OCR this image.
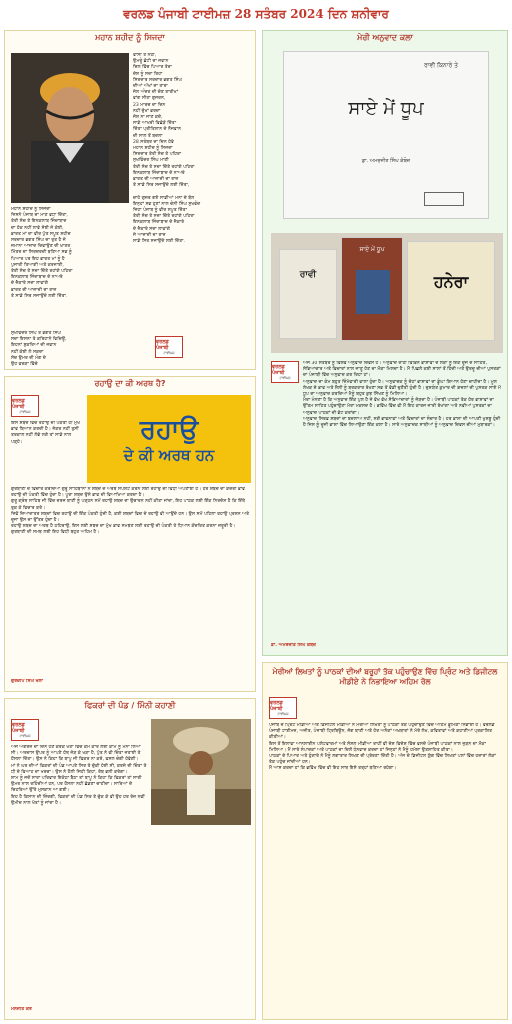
ਵਰਲਡ ਪੰਜਾਬੀ ਟਾਈਮਜ਼ 28 ਸਤੰਬਰ 2024 ਦਿਨ ਸ਼ਨੀਵਾਰ
ਮਹਾਨ ਸ਼ਹੀਦ ਨੂੰ ਸਿਜਦਾ
ਫਾਂਸੀ ਤੋਂ ਨਹੀਂ,
ਉਮਰੂੰ ਛੋਟੀ ਦਾ ਜਵਾਨ
ਦਿਲ ਵਿੱਚ ਪਿਆਰ ਤੇਰਾ
ਦੇਸ਼ ਨੂੰ ਸਦਾ ਰਿਹਾ
ਸਿਰਦਾਰ ਸਰਦਾਰ ਭਗਤ ਸਿੰਘ
ਦੀਆਂ ਅੱਖਾਂ ਦਾ ਤਾਰਾ
ਜੇਲ ਅੰਦਰ ਦੀ ਚੋਣ ਤਾਰੀਖਾਂ
ਵਾਂਗ ਸੀਤਾ ਗੁਜਰਨ,
23 ਮਾਰਚ ਦਾ ਦਿਨ
ਨਹੀਂ ਦੁੱਖਾਂ ਭਰਦਾ
ਜੋਸ਼ ਨਾ ਜਾਣ ਕਦੇ,
ਸਾਡੇ ਆਖਰੀ ਵਿਛੋੜੇ ਦਿੱਤਾ
ਦਿੱਤਾ ਪ੍ਰੀਤਿਸ਼ਾਨ ਦੇ ਨੌਜਵਾਨ
ਦੀ ਸਾਲ ਤੋਂ ਬਦਲਾ
28 ਸਤੰਬਰ ਦਾ ਦਿਨ ਹੋਵੇ
ਮਹਾਨ ਸ਼ਹੀਦ ਨੂੰ ਸਿਜਦਾ
ਸਿਰਦਾਰ ਤੇਰੀ ਸੋਚ ਤੇ ਪਹਿਰਾ
ਸੁਖਵਿੰਦਰ ਸਿੰਘ ਮਾਣੀ
ਤੇਰੀ ਸੋਚ ਤੇ ਸਦਾ ਚਿੱਤੇ ਰਹਾਂਗੇ ਪਹਿਰਾ
ਇਨਕਲਾਬ ਜਿੰਦਾਬਾਦ ਦੇ ਨਾਅਰੇ
ਭਾਰਤ ਦੀ ਆਜ਼ਾਦੀ ਦਾ ਰਾਜ਼
ਤੇ ਸਾਡੇ ਸਿਰ ਸਜਾਉਂਦੇ ਲਈ ਦਿੱਤਾ,

ਚਾਹੇ ਗੁਜ਼ਰ ਗਏ ਸਾਡੀਆਂ ਮਨਾ ਦੇ ਬੋਲ
ਇਨ੍ਹਾਂ ਸਭ ਹੁਣਾਂ ਨਾਲ ਚੰਨੀ ਸਿੰਘ ਸੁਖਵੰਦ
ਜਿਹਾ ਪੰਜਾਬ ਨੂੰ ਵੀਰ ਸਪੂਤ ਦਿੱਤਾ
ਤੇਰੀ ਸੋਚ ਤੇ ਸਦਾ ਚਿੱਤੇ ਰਹਾਂਗੇ ਪਹਿਰਾ
ਇਨਕਲਾਬ ਜਿੰਦਾਬਾਦ ਦੇ ਜੈਕਾਰੇ
ਦੇ ਜੈਕਾਰੇ ਸਦਾ ਲਾਵਾਂਗੇ
ਜੇ ਆਜ਼ਾਦੀ ਦਾ ਰਾਜ਼
ਸਾਡੇ ਸਿਰ ਸਜਾਉਂਦੇ ਲਈ ਦਿੱਤਾ.
ਮਹਾਨ ਸ਼ਹੀਦ ਨੂੰ ਸਿਜਦਾ
ਜਿਸਨੇ ਪੰਜਾਬ ਦਾ ਮਾਣ ਵਧਾ ਦਿੱਤਾ,
ਤੇਰੀ ਸੋਚ ਤੇ ਇਨਕਲਾਬ ਜਿੰਦਾਬਾਦ
ਦਾ ਹੱਕ ਨਹੀਂ ਲਾਵੇ ਸੋਈ ਜੋ ਕੋਈ,
ਭਾਰਤ ਮਾਂ ਦਾ ਵੀਰ ਪੁੱਤ ਸਪੂਤ ਸ਼ਹੀਦ
ਸਰਦਾਰ ਭਗਤ ਸਿੰਘ ਦਾ ਰੁਤ ਹੈ ਜੋ
ਜ਼ਮਾਨਾ ਆਜ਼ਾਦ ਦਿਵਾਉਣ ਦੀ ਖ਼ਾਤਰ
ਮਿੱਤਰ ਦਾ ਸਿਰਦਰਦੀ ਬਣਿਆ ਸਭ ਨੂੰ
ਪਿਆਰ ਪਰ ਇਹ ਭਾਰਤ ਮਾਂ ਨੂੰ ਹੈ
ਪੁਜਾਰੀ ਤਿਆਗੀ ਅਤੇ ਕਰਜਾਈ,
ਤੇਰੀ ਸੋਚ ਤੇ ਸਦਾ ਚਿੱਤੇ ਰਹਾਂਗੇ ਪਹਿਰਾ
ਇਨਕਲਾਬ ਜਿੰਦਾਬਾਦ ਦੇ ਨਾਅਰੇ
ਦੇ ਜੈਕਾਰੇ ਸਦਾ ਲਾਵਾਂਗੇ
ਭਾਰਤ ਦੀ ਆਜ਼ਾਦੀ ਦਾ ਰਾਜ਼
ਤੇ ਸਾਡੇ ਸਿਰ ਸਜਾਉਂਦੇ ਲਈ ਦਿੱਤਾ.
ਸੁਖਵਿੰਦਰ ਸਿੰਘ ਤੇ ਭਗਤ ਸਿੰਘ
ਸਦਾ ਇਸਨਾ ਤੇ ਕਰਿਹਾਨੇ ਵਿਚਿਊ,
ਇਹਨਾਂ ਸ਼ੁਕਰਿਆਂ ਦੀ ਜਵਾਨ
ਨਹੀਂ ਕੋਈ ਲੋ ਸਕਦਾ
ਸੋਚ ਉਮਰ ਦੀ ਮੰਗ ਦੇ
ਉਹ ਵਰਕਾ ਵਿੱਚੋ
ਵਰਲਡ ਪੰਜਾਬੀ
ਟਾਈਮਜ਼
ਰਹਾਉ ਦਾ ਕੀ ਅਰਥ ਹੈ?
ਵਰਲਡ ਪੰਜਾਬੀ
ਟਾਈਮਜ਼
ਇਸ ਸ਼ਬਦ ਵਿੱਚ ਰਹਾਉ ਦੀ ਪੰਕਤੀ ਹੀ ਮੁੱਖ ਭਾਵ ਬਿਆਨ ਕਰਦੀ ਹੈ। ਜੇਕਰ ਨਹੀਂ ਤੁਸੀਂ ਤਰਕਾਲ ਨਹੀਂ ਲੱਭੇ ਲਗੇ ਤਾਂ ਸਾਡੇ ਨਾਲ ਪੜ੍ਹੋ।	ਰਹਾਉ
ਦੇ ਕੀ ਅਰਥ ਹਨ
ਗੁਰਬਾਣੀ ਦੇ ਵਿਚਾਰ ਕਰਦਿਆਂ ਗੁਰੂ ਸਾਹਿਬਾਨਾਂ ਨੇ ਸ਼ਬਦ ਦੇ ਅਰਥ ਸਪਸ਼ਟ ਕਰਨ ਲਈ ਰਹਾਉ ਦੀ ਵਿਧੀ ਅਪਣਾਈ ਹੈ। ਹਰ ਸ਼ਬਦ ਦਾ ਕੇਂਦਰੀ ਭਾਵ ਰਹਾਉ ਦੀ ਪੰਕਤੀ ਵਿੱਚ ਹੁੰਦਾ ਹੈ। ਪੂਰਾ ਸ਼ਬਦ ਉਸੇ ਭਾਵ ਦੀ ਵਿਆਖਿਆ ਕਰਦਾ ਹੈ।
ਗੁਰੂ ਗ੍ਰੰਥ ਸਾਹਿਬ ਜੀ ਵਿੱਚ ਦਰਜ ਬਾਣੀ ਨੂੰ ਪੜ੍ਹਨ ਸਮੇਂ ਰਹਾਉ ਸ਼ਬਦ ਦਾ ਉਚਾਰਨ ਨਹੀਂ ਕੀਤਾ ਜਾਂਦਾ, ਇਹ ਪਾਠਕ ਲਈ ਇੱਕ ਨਿਰਦੇਸ਼ ਹੈ ਕਿ ਇੱਥੇ ਰੁਕ ਕੇ ਵਿਚਾਰ ਕਰੋ।
ਜਿਵੇਂ ਜ਼ਿਆਦਾਤਰ ਸ਼ਬਦਾਂ ਵਿਚ ਰਹਾਉ ਦੀ ਇੱਕ ਪੰਕਤੀ ਹੁੰਦੀ ਹੈ, ਕਈ ਸ਼ਬਦਾਂ ਵਿਚ ਦੋ ਰਹਾਉ ਵੀ ਆਉਂਦੇ ਹਨ। ਉਸ ਸਮੇਂ ਪਹਿਲਾ ਰਹਾਉ ਪ੍ਰਸ਼ਨ ਅਤੇ ਦੂਜਾ ਉਸ ਦਾ ਉੱਤਰ ਹੁੰਦਾ ਹੈ।
ਰਹਾਉ ਸ਼ਬਦ ਦਾ ਅਰਥ ਹੈ ਠਹਿਰਾਉ, ਇਸ ਲਈ ਸ਼ਬਦ ਦਾ ਮੁੱਖ ਭਾਵ ਸਮਝਣ ਲਈ ਰਹਾਉ ਦੀ ਪੰਕਤੀ ਤੇ ਧਿਆਨ ਕੇਂਦਰਿਤ ਕਰਨਾ ਜ਼ਰੂਰੀ ਹੈ।
ਗੁਰਬਾਣੀ ਦੀ ਸਮਝ ਲਈ ਇਹ ਵਿਧੀ ਬਹੁਤ ਅਹਿਮ ਹੈ।
ਗੁਰਦੀਪ ਸਿੰਘ ਖੇਲਾ
ਫਿਕਰਾਂ ਦੀ ਪੰਡ / ਮਿੰਨੀ ਕਹਾਣੀ
ਵਰਲਡ ਪੰਜਾਬੀ
ਟਾਈਮਜ਼
ਅੱਜ ਅੰਗਰੇਜ਼ ਦਾ ਦਿਨ ਹੋਣ ਕਰਕੇ ਖੇਤਾਂ ਵਿੱਚ ਕੰਮ ਕਾਰ ਲਈ ਕਾਮੇ ਨੂੰ ਮਨਾ ਲਿਆ ਸੀ। ਅਰਦਾਸ ਉਪਰ ਨੂੰ ਆਪਣੇ ਹੱਥ ਜੋੜ ਕੇ ਖੜਾ ਹੈ, ਪੁੱਤ ਨੇ ਵੀ ਚਿੰਤਾ ਜਤਾਈ ਤੇ ਹੌਸਲਾ ਦਿੱਤਾ। ਉਸ ਨੇ ਕਿਹਾ ਕਿ ਬਾਪੂ ਜੀ ਫਿਕਰ ਨਾ ਕਰੋ, ਫਸਲ ਚੰਗੀ ਹੋਵੇਗੀ।
ਮਾਂ ਨੇ ਘਰ ਦੀਆਂ ਫਿਕਰਾਂ ਦੀ ਪੰਡ ਆਪਣੇ ਸਿਰ ਤੇ ਚੁੱਕੀ ਹੋਈ ਸੀ, ਕਰਜ਼ੇ ਦੀ ਚਿੰਤਾ ਤੇ ਧੀ ਦੇ ਵਿਆਹ ਦਾ ਖਰਚਾ। ਉਸ ਨੇ ਹੌਲੀ ਜਿਹੀ ਕਿਹਾ, ਰੱਬ ਭਲੀ ਕਰੇਗਾ।
ਸ਼ਾਮ ਨੂੰ ਜਦੋਂ ਸਾਰਾ ਪਰਿਵਾਰ ਇਕੱਠਾ ਬੈਠਾ ਤਾਂ ਬਾਪੂ ਨੇ ਕਿਹਾ ਕਿ ਫਿਕਰਾਂ ਤਾਂ ਸਾਰੀ ਉਮਰ ਨਾਲ ਰਹਿੰਦੀਆਂ ਹਨ, ਪਰ ਹੌਸਲਾ ਨਹੀਂ ਛੱਡਣਾ ਚਾਹੀਦਾ। ਸਾਰਿਆਂ ਦੇ ਚਿਹਰਿਆਂ ਉੱਤੇ ਮੁਸਕਾਨ ਆ ਗਈ।
ਇਹ ਹੈ ਕਿਸਾਨ ਦੀ ਜ਼ਿੰਦਗੀ, ਫਿਕਰਾਂ ਦੀ ਪੰਡ ਸਿਰ ਤੇ ਚੁੱਕ ਕੇ ਵੀ ਉਹ ਹਰ ਰੋਜ਼ ਨਵੀਂ ਉਮੀਦ ਨਾਲ ਖੇਤਾਂ ਨੂੰ ਜਾਂਦਾ ਹੈ।
ਮਨਜੀਤ ਕੌਰ
ਮੇਰੀ ਅਨੁਵਾਦ ਕਲਾ
ਰਾਵੀ ਕਿਨਾਰੇ ਤੇ
ਸਾਏ ਮੇਂ ਧੂਪ
ਡਾ. ਅਮਰਜੀਤ ਸਿੰਘ ਕੰਬੋਜ਼
ਰਾਵੀ
ਸਾਏ ਮੇਂ ਧੂਪ
ਹਨੇਰਾ
ਵਰਲਡ ਪੰਜਾਬੀ
ਟਾਈਮਜ਼
ਅੱਜ 30 ਸਤੰਬਰ ਨੂੰ ਵਿਸ਼ਵ ਅਨੁਵਾਦ ਦਿਵਸ ਹੈ। ਅਨੁਵਾਦ ਰਾਹੀਂ ਵਿਭਿੰਨ ਭਾਸ਼ਾਵਾਂ ਦੇ ਲੋਕਾਂ ਨੂੰ ਇੱਕ ਦੂਜੇ ਦੇ ਸਾਹਿਤ, ਸੱਭਿਆਚਾਰ ਅਤੇ ਵਿਚਾਰਾਂ ਨਾਲ ਜਾਣੂ ਹੋਣ ਦਾ ਮੌਕਾ ਮਿਲਦਾ ਹੈ। ਮੈਂ ਪਿਛਲੇ ਕਈ ਸਾਲਾਂ ਤੋਂ ਹਿੰਦੀ ਅਤੇ ਉਰਦੂ ਦੀਆਂ ਪੁਸਤਕਾਂ ਦਾ ਪੰਜਾਬੀ ਵਿੱਚ ਅਨੁਵਾਦ ਕਰ ਰਿਹਾ ਹਾਂ।
ਅਨੁਵਾਦ ਦਾ ਕੰਮ ਬਹੁਤ ਜ਼ਿੰਮੇਵਾਰੀ ਵਾਲਾ ਹੁੰਦਾ ਹੈ। ਅਨੁਵਾਦਕ ਨੂੰ ਦੋਹਾਂ ਭਾਸ਼ਾਵਾਂ ਦਾ ਡੂੰਘਾ ਗਿਆਨ ਹੋਣਾ ਚਾਹੀਦਾ ਹੈ। ਮੂਲ ਲੇਖਕ ਦੇ ਭਾਵ ਅਤੇ ਸ਼ੈਲੀ ਨੂੰ ਬਰਕਰਾਰ ਰੱਖਣਾ ਸਭ ਤੋਂ ਵੱਡੀ ਚੁਣੌਤੀ ਹੁੰਦੀ ਹੈ। ਦੁਸ਼ਯੰਤ ਕੁਮਾਰ ਦੀ ਗ਼ਜ਼ਲਾਂ ਦੀ ਪੁਸਤਕ ਸਾਏ ਮੇਂ ਧੂਪ ਦਾ ਅਨੁਵਾਦ ਕਰਦਿਆਂ ਮੈਨੂੰ ਬਹੁਤ ਕੁਝ ਸਿੱਖਣ ਨੂੰ ਮਿਲਿਆ।
ਮੇਰਾ ਮੰਨਣਾ ਹੈ ਕਿ ਅਨੁਵਾਦ ਇੱਕ ਪੁਲ ਹੈ ਜੋ ਵੱਖ ਵੱਖ ਸੱਭਿਆਚਾਰਾਂ ਨੂੰ ਜੋੜਦਾ ਹੈ। ਪੰਜਾਬੀ ਪਾਠਕਾਂ ਤੱਕ ਹੋਰ ਭਾਸ਼ਾਵਾਂ ਦਾ ਉੱਤਮ ਸਾਹਿਤ ਪਹੁੰਚਾਉਣਾ ਮੇਰਾ ਮਕਸਦ ਹੈ। ਭਵਿੱਖ ਵਿੱਚ ਵੀ ਮੈਂ ਇਹ ਕਾਰਜ ਜਾਰੀ ਰੱਖਾਂਗਾ ਅਤੇ ਨਵੀਆਂ ਪੁਸਤਕਾਂ ਦਾ ਅਨੁਵਾਦ ਪਾਠਕਾਂ ਦੀ ਭੇਟ ਕਰਾਂਗਾ।
ਅਨੁਵਾਦ ਸਿਰਫ਼ ਸ਼ਬਦਾਂ ਦਾ ਬਦਲਾਅ ਨਹੀਂ, ਸਗੋਂ ਭਾਵਨਾਵਾਂ ਅਤੇ ਵਿਚਾਰਾਂ ਦਾ ਸੰਚਾਰ ਹੈ। ਹਰ ਭਾਸ਼ਾ ਦੀ ਆਪਣੀ ਖੁਸ਼ਬੂ ਹੁੰਦੀ ਹੈ ਜਿਸ ਨੂੰ ਦੂਜੀ ਭਾਸ਼ਾ ਵਿੱਚ ਲਿਆਉਣਾ ਇੱਕ ਕਲਾ ਹੈ। ਸਾਰੇ ਅਨੁਵਾਦਕ ਸਾਥੀਆਂ ਨੂੰ ਅਨੁਵਾਦ ਦਿਵਸ ਦੀਆਂ ਮੁਬਾਰਕਾਂ।
ਡਾ. ਅਮਰਜੀਤ ਸਿੰਘ ਕੰਬੋਜ਼
ਮੇਰੀਆਂ ਲਿਖਤਾਂ ਨੂੰ ਪਾਠਕਾਂ ਦੀਆਂ ਬਰੂਹਾਂ ਤੱਕ ਪਹੁੰਚਾਉਣ ਵਿੱਚ ਪ੍ਰਿੰਟ ਅਤੇ ਡਿਜੀਟਲ ਮੀਡੀਏ ਨੇ ਨਿਭਾਇਆ ਅਹਿਮ ਰੋਲ
ਵਰਲਡ ਪੰਜਾਬੀ
ਟਾਈਮਜ਼
ਪੰਜਾਬ ਦੇ ਪ੍ਰਿੰਟ ਮੀਡੀਆ ਅਤੇ ਡਿਜੀਟਲ ਮੀਡੀਆ ਨੇ ਮੇਰੀਆਂ ਲਿਖਤਾਂ ਨੂੰ ਪਾਠਕਾਂ ਤੱਕ ਪਹੁੰਚਾਉਣ ਵਿੱਚ ਅਹਿਮ ਭੂਮਿਕਾ ਨਿਭਾਈ ਹੈ। ਵਰਲਡ ਪੰਜਾਬੀ ਟਾਈਮਜ਼, ਅਜੀਤ, ਪੰਜਾਬੀ ਟ੍ਰਿਬਿਊਨ, ਜੱਗ ਬਾਣੀ ਅਤੇ ਹੋਰ ਅਨੇਕਾਂ ਅਖ਼ਬਾਰਾਂ ਨੇ ਮੇਰੇ ਲੇਖ, ਕਵਿਤਾਵਾਂ ਅਤੇ ਕਹਾਣੀਆਂ ਪ੍ਰਕਾਸ਼ਿਤ ਕੀਤੀਆਂ।
ਇਸ ਤੋਂ ਇਲਾਵਾ ਆਨਲਾਈਨ ਪਲੇਟਫਾਰਮਾਂ ਅਤੇ ਸੋਸ਼ਲ ਮੀਡੀਆ ਰਾਹੀਂ ਵੀ ਦੇਸ਼ ਵਿਦੇਸ਼ ਵਿੱਚ ਵਸਦੇ ਪੰਜਾਬੀ ਪਾਠਕਾਂ ਨਾਲ ਜੁੜਨ ਦਾ ਮੌਕਾ ਮਿਲਿਆ। ਮੈਂ ਸਾਰੇ ਸੰਪਾਦਕਾਂ ਅਤੇ ਪਾਠਕਾਂ ਦਾ ਦਿਲੋਂ ਧੰਨਵਾਦ ਕਰਦਾ ਹਾਂ ਜਿਨ੍ਹਾਂ ਨੇ ਮੈਨੂੰ ਹਮੇਸ਼ਾ ਉਤਸ਼ਾਹਿਤ ਕੀਤਾ।
ਪਾਠਕਾਂ ਦੇ ਪਿਆਰ ਅਤੇ ਹੁੰਗਾਰੇ ਨੇ ਮੈਨੂੰ ਲਗਾਤਾਰ ਲਿਖਣ ਦੀ ਪ੍ਰੇਰਣਾ ਦਿੱਤੀ ਹੈ। ਅੱਜ ਦੇ ਡਿਜੀਟਲ ਯੁੱਗ ਵਿੱਚ ਲਿਖਤਾਂ ਪਲਾਂ ਵਿੱਚ ਹਜ਼ਾਰਾਂ ਲੋਕਾਂ ਤੱਕ ਪਹੁੰਚ ਜਾਂਦੀਆਂ ਹਨ।
ਮੈਂ ਆਸ ਕਰਦਾ ਹਾਂ ਕਿ ਭਵਿੱਖ ਵਿੱਚ ਵੀ ਇਹ ਸਾਥ ਇਸੇ ਤਰ੍ਹਾਂ ਬਣਿਆ ਰਹੇਗਾ।
